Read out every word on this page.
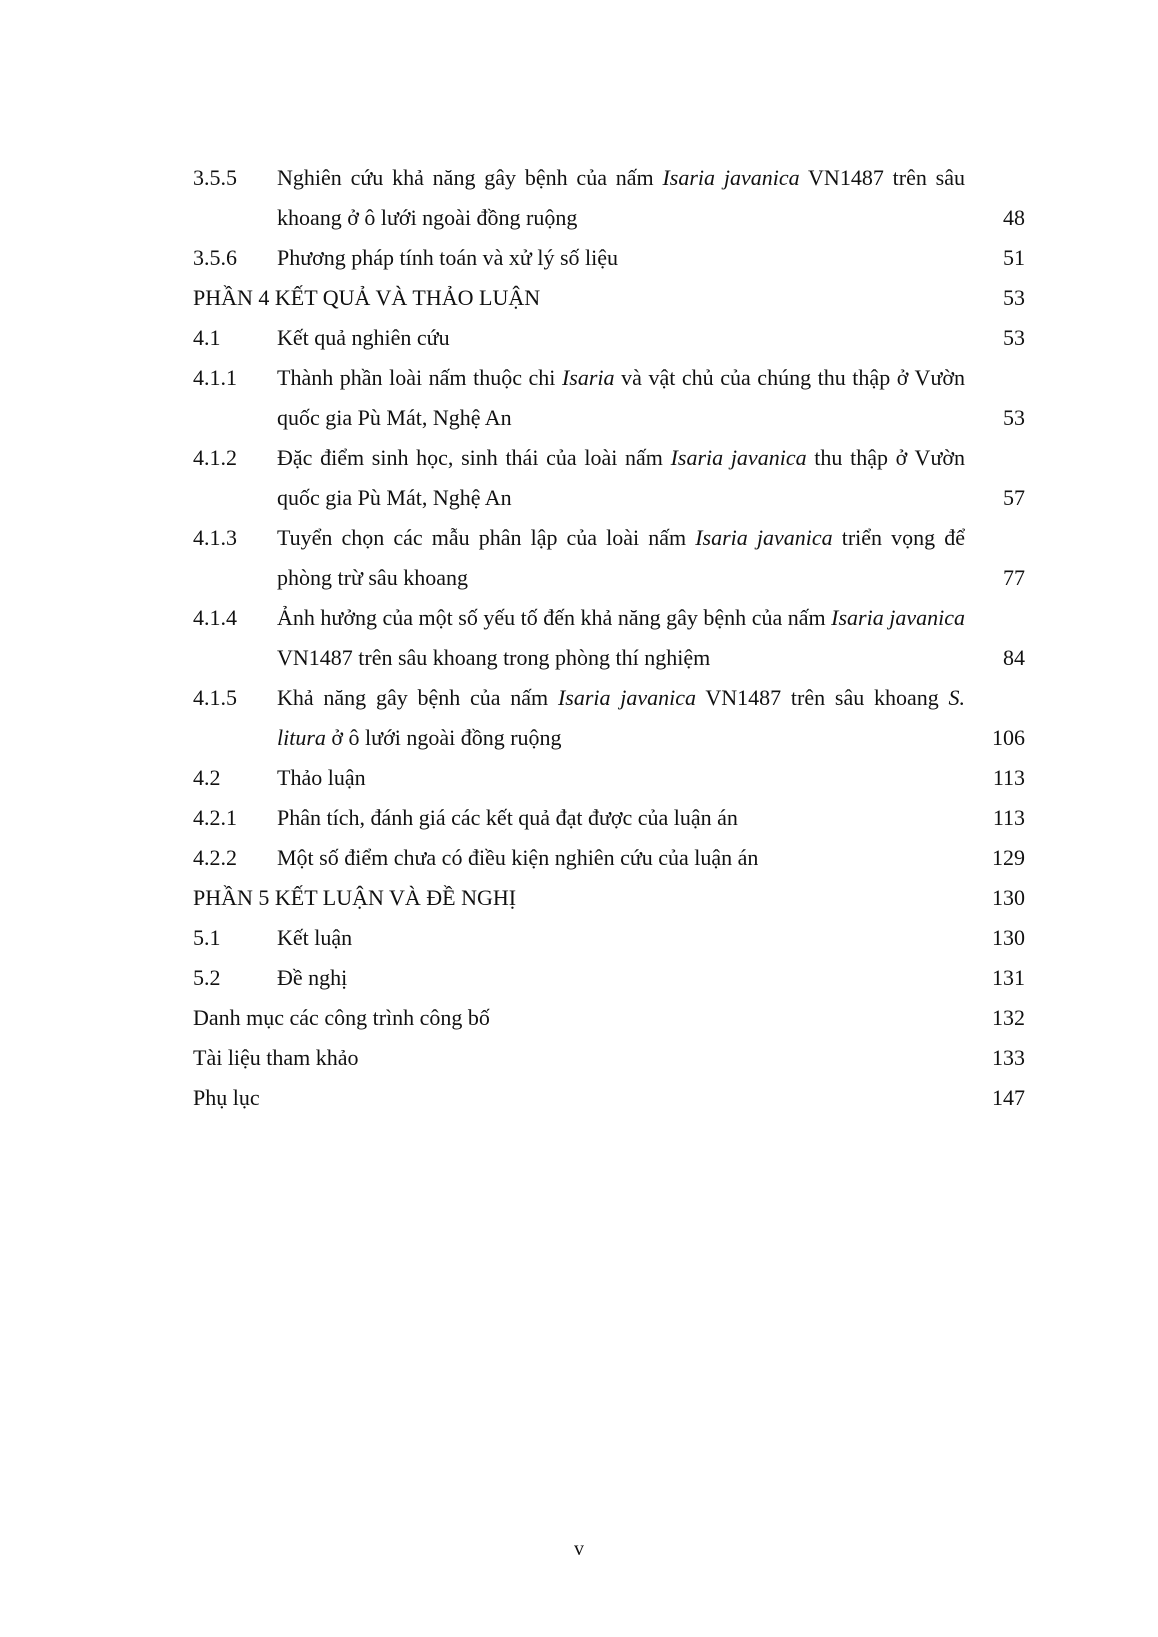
3.5.5	Nghiên cứu khả năng gây bệnh của nấm Isaria javanica VN1487 trên sâu khoang ở ô lưới ngoài đồng ruộng	48
3.5.6	Phương pháp tính toán và xử lý số liệu	51
PHẦN 4 KẾT QUẢ VÀ THẢO LUẬN	53
4.1	Kết quả nghiên cứu	53
4.1.1	Thành phần loài nấm thuộc chi Isaria và vật chủ của chúng thu thập ở Vườn quốc gia Pù Mát, Nghệ An	53
4.1.2	Đặc điểm sinh học, sinh thái của loài nấm Isaria javanica thu thập ở Vườn quốc gia Pù Mát, Nghệ An	57
4.1.3	Tuyển chọn các mẫu phân lập của loài nấm Isaria javanica triển vọng để phòng trừ sâu khoang	77
4.1.4	Ảnh hưởng của một số yếu tố đến khả năng gây bệnh của nấm Isaria javanica VN1487 trên sâu khoang trong phòng thí nghiệm	84
4.1.5	Khả năng gây bệnh của nấm Isaria javanica VN1487 trên sâu khoang S. litura ở ô lưới ngoài đồng ruộng	106
4.2	Thảo luận	113
4.2.1	Phân tích, đánh giá các kết quả đạt được của luận án	113
4.2.2	Một số điểm chưa có điều kiện nghiên cứu của luận án	129
PHẦN 5 KẾT LUẬN VÀ ĐỀ NGHỊ	130
5.1	Kết luận	130
5.2	Đề nghị	131
Danh mục các công trình công bố	132
Tài liệu tham khảo	133
Phụ lục	147
v
